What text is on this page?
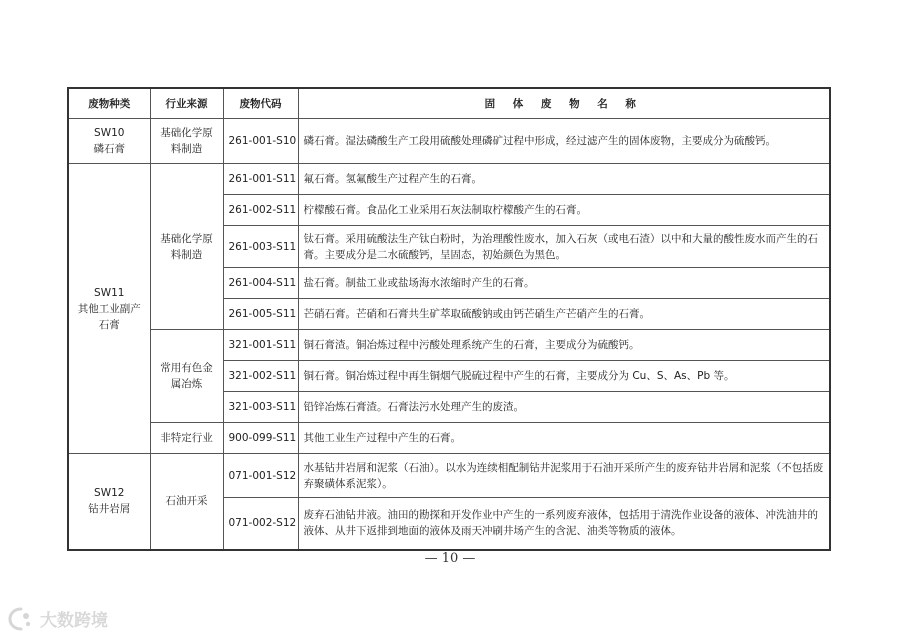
废物种类	行业来源	废物代码	固 体 废 物 名 称

SW10
磷石膏	基础化学原料制造	261-001-S10	磷石膏。湿法磷酸生产工段用硫酸处理磷矿过程中形成，经过滤产生的固体废物，主要成分为硫酸钙。

SW11
其他工业副产石膏	基础化学原料制造	261-001-S11	氟石膏。氢氟酸生产过程产生的石膏。
		261-002-S11	柠檬酸石膏。食品化工业采用石灰法制取柠檬酸产生的石膏。
		261-003-S11	钛石膏。采用硫酸法生产钛白粉时，为治理酸性废水，加入石灰（或电石渣）以中和大量的酸性废水而产生的石膏。主要成分是二水硫酸钙，呈固态，初始颜色为黑色。
		261-004-S11	盐石膏。制盐工业或盐场海水浓缩时产生的石膏。
		261-005-S11	芒硝石膏。芒硝和石膏共生矿萃取硫酸钠或由钙芒硝生产芒硝产生的石膏。
	常用有色金属冶炼	321-001-S11	铜石膏渣。铜冶炼过程中污酸处理系统产生的石膏，主要成分为硫酸钙。
		321-002-S11	铜石膏。铜冶炼过程中再生铜烟气脱硫过程中产生的石膏，主要成分为 Cu、S、As、Pb 等。
		321-003-S11	铅锌冶炼石膏渣。石膏法污水处理产生的废渣。
	非特定行业	900-099-S11	其他工业生产过程中产生的石膏。

SW12
钻井岩屑	石油开采	071-001-S12	水基钻井岩屑和泥浆（石油）。以水为连续相配制钻井泥浆用于石油开采所产生的废弃钻井岩屑和泥浆（不包括废弃聚磺体系泥浆）。
		071-002-S12	废弃石油钻井液。油田的勘探和开发作业中产生的一系列废弃液体，包括用于清洗作业设备的液体、冲洗油井的液体、从井下返排到地面的液体及雨天冲刷井场产生的含泥、油类等物质的液体。
— 10 —
大数跨境
